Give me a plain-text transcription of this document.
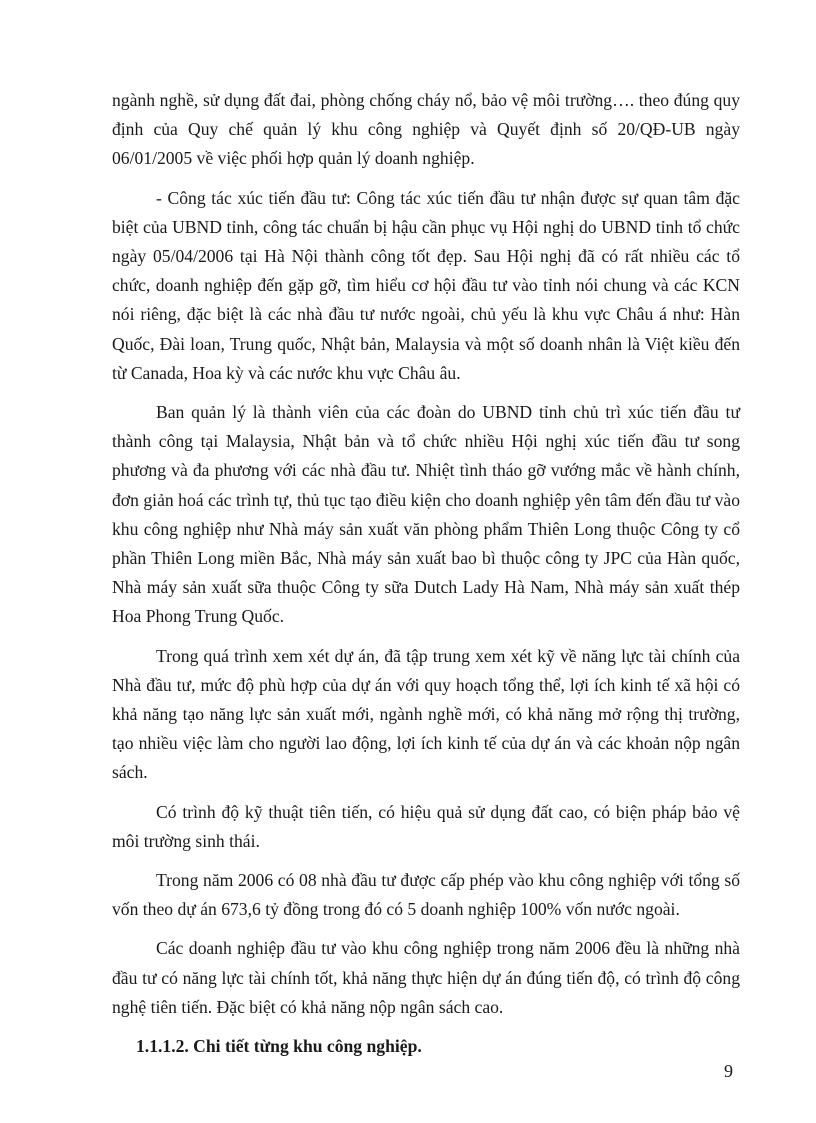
ngành nghề, sử dụng đất đai, phòng chống cháy nổ, bảo vệ môi trường…. theo đúng quy định của Quy chế quản lý khu công nghiệp và Quyết định số 20/QĐ-UB ngày 06/01/2005 về việc phối hợp quản lý doanh nghiệp.

- Công tác xúc tiến đầu tư: Công tác xúc tiến đầu tư nhận được sự quan tâm đặc biệt của UBND tỉnh, công tác chuẩn bị hậu cần phục vụ Hội nghị do UBND tỉnh tổ chức ngày 05/04/2006 tại Hà Nội thành công tốt đẹp. Sau Hội nghị đã có rất nhiều các tổ chức, doanh nghiệp đến gặp gỡ, tìm hiểu cơ hội đầu tư vào tỉnh nói chung và các KCN nói riêng, đặc biệt là các nhà đầu tư nước ngoài, chủ yếu là khu vực Châu á như: Hàn Quốc, Đài loan, Trung quốc, Nhật bản, Malaysia và một số doanh nhân là Việt kiều đến từ Canada, Hoa kỳ và các nước khu vực Châu âu.

Ban quản lý là thành viên của các đoàn do UBND tỉnh chủ trì xúc tiến đầu tư thành công tại Malaysia, Nhật bản và tổ chức nhiều Hội nghị xúc tiến đầu tư song phương và đa phương với các nhà đầu tư. Nhiệt tình tháo gỡ vướng mắc về hành chính, đơn giản hoá các trình tự, thủ tục tạo điều kiện cho doanh nghiệp yên tâm đến đầu tư vào khu công nghiệp như Nhà máy sản xuất văn phòng phẩm Thiên Long thuộc Công ty cổ phần Thiên Long miền Bắc, Nhà máy sản xuất bao bì thuộc công ty JPC của Hàn quốc, Nhà máy sản xuất sữa thuộc Công ty sữa Dutch Lady Hà Nam, Nhà máy sản xuất thép Hoa Phong Trung Quốc.

Trong quá trình xem xét dự án, đã tập trung xem xét kỹ về năng lực tài chính của Nhà đầu tư, mức độ phù hợp của dự án với quy hoạch tổng thể, lợi ích kinh tế xã hội có khả năng tạo năng lực sản xuất mới, ngành nghề mới, có khả năng mở rộng thị trường, tạo nhiều việc làm cho người lao động, lợi ích kinh tế của dự án và các khoản nộp ngân sách.

Có trình độ kỹ thuật tiên tiến, có hiệu quả sử dụng đất cao, có biện pháp bảo vệ môi trường sinh thái.

Trong năm 2006 có 08 nhà đầu tư được cấp phép vào khu công nghiệp với tổng số vốn theo dự án 673,6 tỷ đồng trong đó có 5 doanh nghiệp 100% vốn nước ngoài.

Các doanh nghiệp đầu tư vào khu công nghiệp trong năm 2006 đều là những nhà đầu tư có năng lực tài chính tốt, khả năng thực hiện dự án đúng tiến độ, có trình độ công nghệ tiên tiến. Đặc biệt có khả năng nộp ngân sách cao.

1.1.1.2. Chi tiết từng khu công nghiệp.

9
